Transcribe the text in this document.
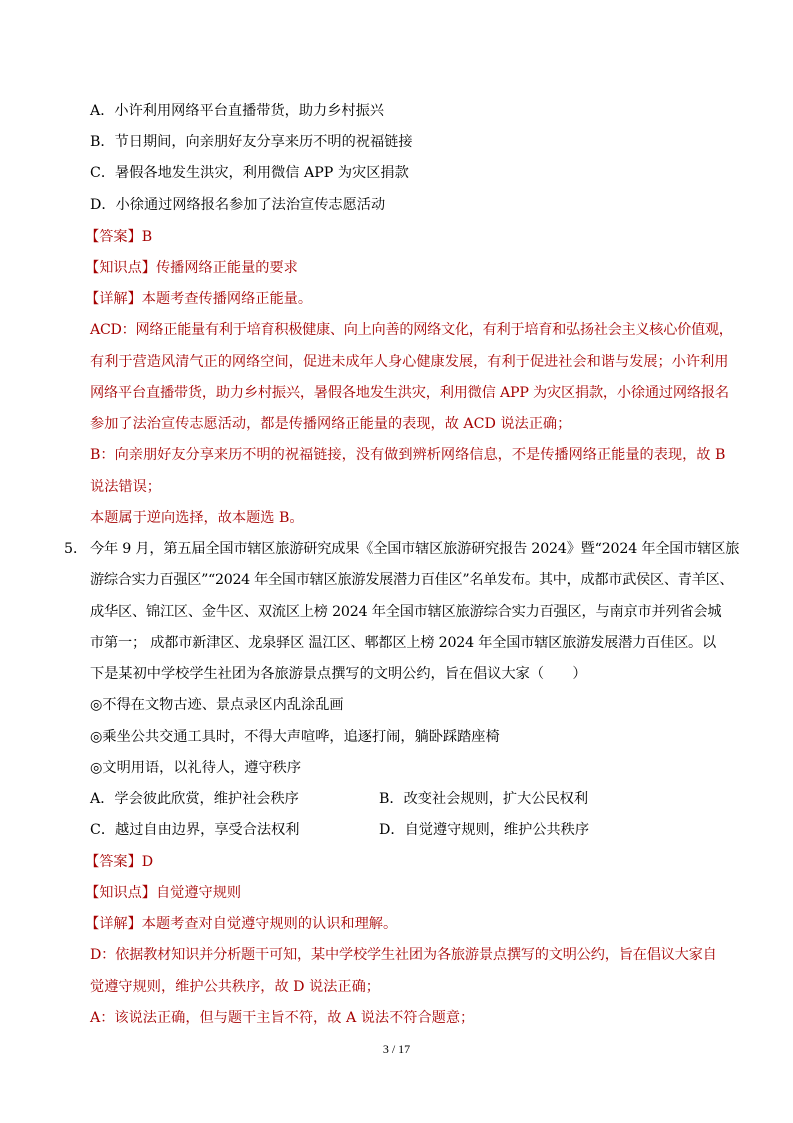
A．小许利用网络平台直播带货，助力乡村振兴
B．节日期间，向亲朋好友分享来历不明的祝福链接
C．暑假各地发生洪灾，利用微信 APP 为灾区捐款
D．小徐通过网络报名参加了法治宣传志愿活动
【答案】B
【知识点】传播网络正能量的要求
【详解】本题考查传播网络正能量。
ACD：网络正能量有利于培育积极健康、向上向善的网络文化，有利于培育和弘扬社会主义核心价值观，
有利于营造风清气正的网络空间，促进未成年人身心健康发展，有利于促进社会和谐与发展；小许利用
网络平台直播带货，助力乡村振兴，暑假各地发生洪灾，利用微信 APP 为灾区捐款，小徐通过网络报名
参加了法治宣传志愿活动，都是传播网络正能量的表现，故 ACD 说法正确；
B：向亲朋好友分享来历不明的祝福链接，没有做到辨析网络信息，不是传播网络正能量的表现，故 B
说法错误；
本题属于逆向选择，故本题选 B。
5． 今年 9 月，第五届全国市辖区旅游研究成果《全国市辖区旅游研究报告 2024》暨“2024 年全国市辖区旅
游综合实力百强区”“2024 年全国市辖区旅游发展潜力百佳区”名单发布。其中，成都市武侯区、青羊区、
成华区、锦江区、金牛区、双流区上榜 2024 年全国市辖区旅游综合实力百强区，与南京市并列省会城
市第一； 成都市新津区、龙泉驿区 温江区、郫都区上榜 2024 年全国市辖区旅游发展潜力百佳区。以
下是某初中学校学生社团为各旅游景点撰写的文明公约，旨在倡议大家（　　）
◎不得在文物古迹、景点录区内乱涂乱画
◎乘坐公共交通工具时，不得大声喧哗，追逐打闹，躺卧踩踏座椅
◎文明用语，以礼待人，遵守秩序
A．学会彼此欣赏，维护社会秩序	B．改变社会规则，扩大公民权利
C．越过自由边界，享受合法权利	D．自觉遵守规则，维护公共秩序
【答案】D
【知识点】自觉遵守规则
【详解】本题考查对自觉遵守规则的认识和理解。
D：依据教材知识并分析题干可知，某中学校学生社团为各旅游景点撰写的文明公约，旨在倡议大家自
觉遵守规则，维护公共秩序，故 D 说法正确；
A：该说法正确，但与题干主旨不符，故 A 说法不符合题意；
3 / 17
